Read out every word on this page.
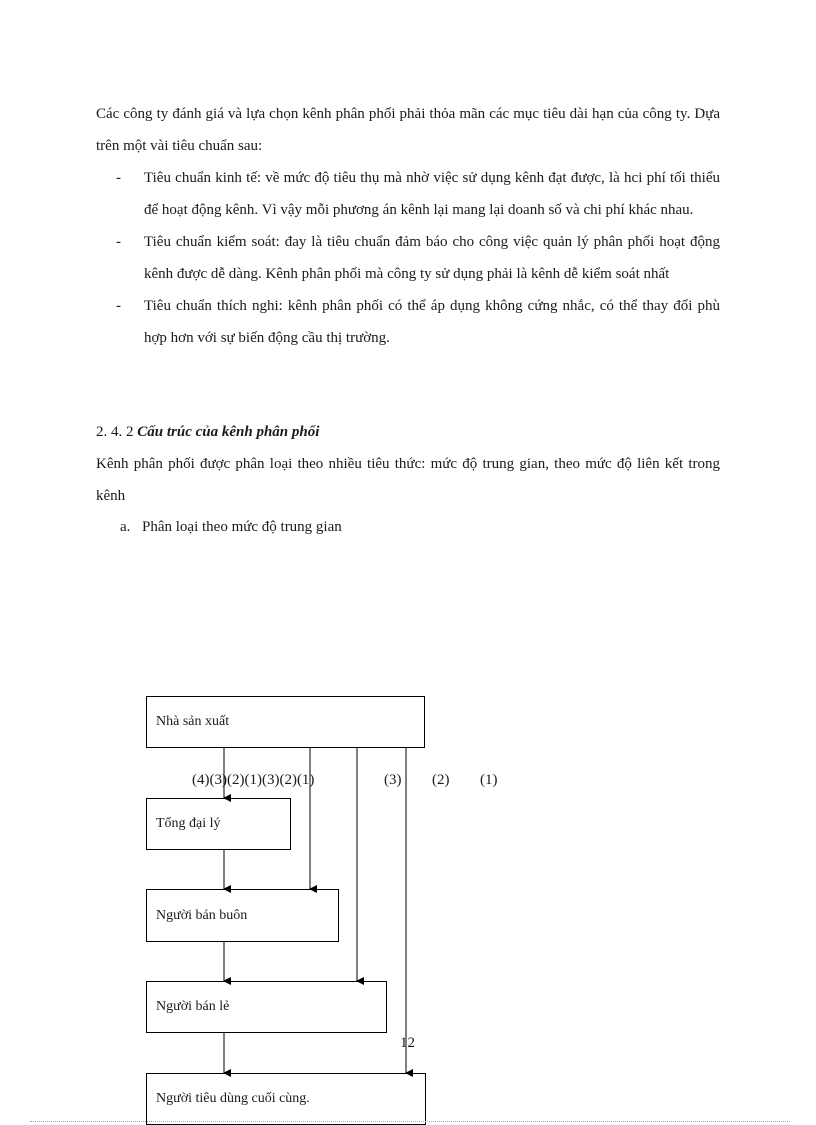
Các công ty đánh giá và lựa chọn kênh phân phối phải thỏa mãn các mục tiêu dài hạn của công ty. Dựa trên một vài tiêu chuẩn sau:
- Tiêu chuẩn kinh tế: về mức độ tiêu thụ mà nhờ việc sử dụng kênh đạt được, là hci phí tối thiểu để hoạt động kênh. Vì vậy mỗi phương án kênh lại mang lại doanh số và chi phí khác nhau.
- Tiêu chuẩn kiểm soát: đay là tiêu chuẩn đảm báo cho công việc quản lý phân phối hoạt động kênh được dễ dàng. Kênh phân phối mà công ty sử dụng phải là kênh dễ kiểm soát nhất
- Tiêu chuẩn thích nghi: kênh phân phối có thể áp dụng không cứng nhắc, có thể thay đổi phù hợp hơn với sự biến động cầu thị trường.
2. 4. 2 Cấu trúc của kênh phân phối
Kênh phân phối được phân loại theo nhiều tiêu thức: mức độ trung gian, theo mức độ liên kết trong kênh
a. Phân loại theo mức độ trung gian
Nhà sản xuất
Tổng đại lý
Người bán buôn
Người bán lẻ
Người tiêu dùng cuối cùng.
(4)(3)(2)(1)(3)(2)(1)	(3) (2) (1)
12
